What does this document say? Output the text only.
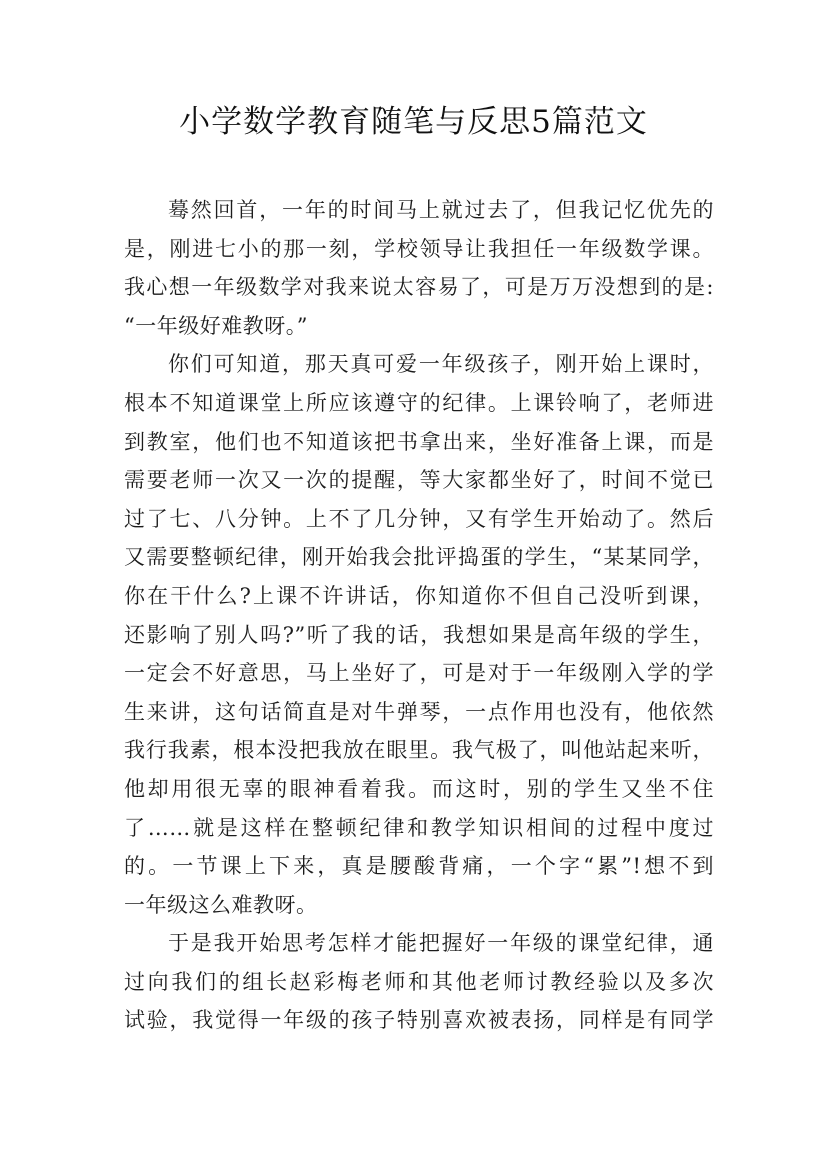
小学数学教育随笔与反思5篇范文
蓦然回首，一年的时间马上就过去了，但我记忆优先的
是，刚进七小的那一刻，学校领导让我担任一年级数学课。
我心想一年级数学对我来说太容易了，可是万万没想到的是:
“一年级好难教呀。”
你们可知道，那天真可爱一年级孩子，刚开始上课时，
根本不知道课堂上所应该遵守的纪律。上课铃响了，老师进
到教室，他们也不知道该把书拿出来，坐好准备上课，而是
需要老师一次又一次的提醒，等大家都坐好了，时间不觉已
过了七、八分钟。上不了几分钟，又有学生开始动了。然后
又需要整顿纪律，刚开始我会批评捣蛋的学生，“某某同学，
你在干什么?上课不许讲话，你知道你不但自己没听到课，
还影响了别人吗?”听了我的话，我想如果是高年级的学生，
一定会不好意思，马上坐好了，可是对于一年级刚入学的学
生来讲，这句话简直是对牛弹琴，一点作用也没有，他依然
我行我素，根本没把我放在眼里。我气极了，叫他站起来听，
他却用很无辜的眼神看着我。而这时，别的学生又坐不住
了……就是这样在整顿纪律和教学知识相间的过程中度过
的。一节课上下来，真是腰酸背痛，一个字“累”!想不到
一年级这么难教呀。
于是我开始思考怎样才能把握好一年级的课堂纪律，通
过向我们的组长赵彩梅老师和其他老师讨教经验以及多次
试验，我觉得一年级的孩子特别喜欢被表扬，同样是有同学
